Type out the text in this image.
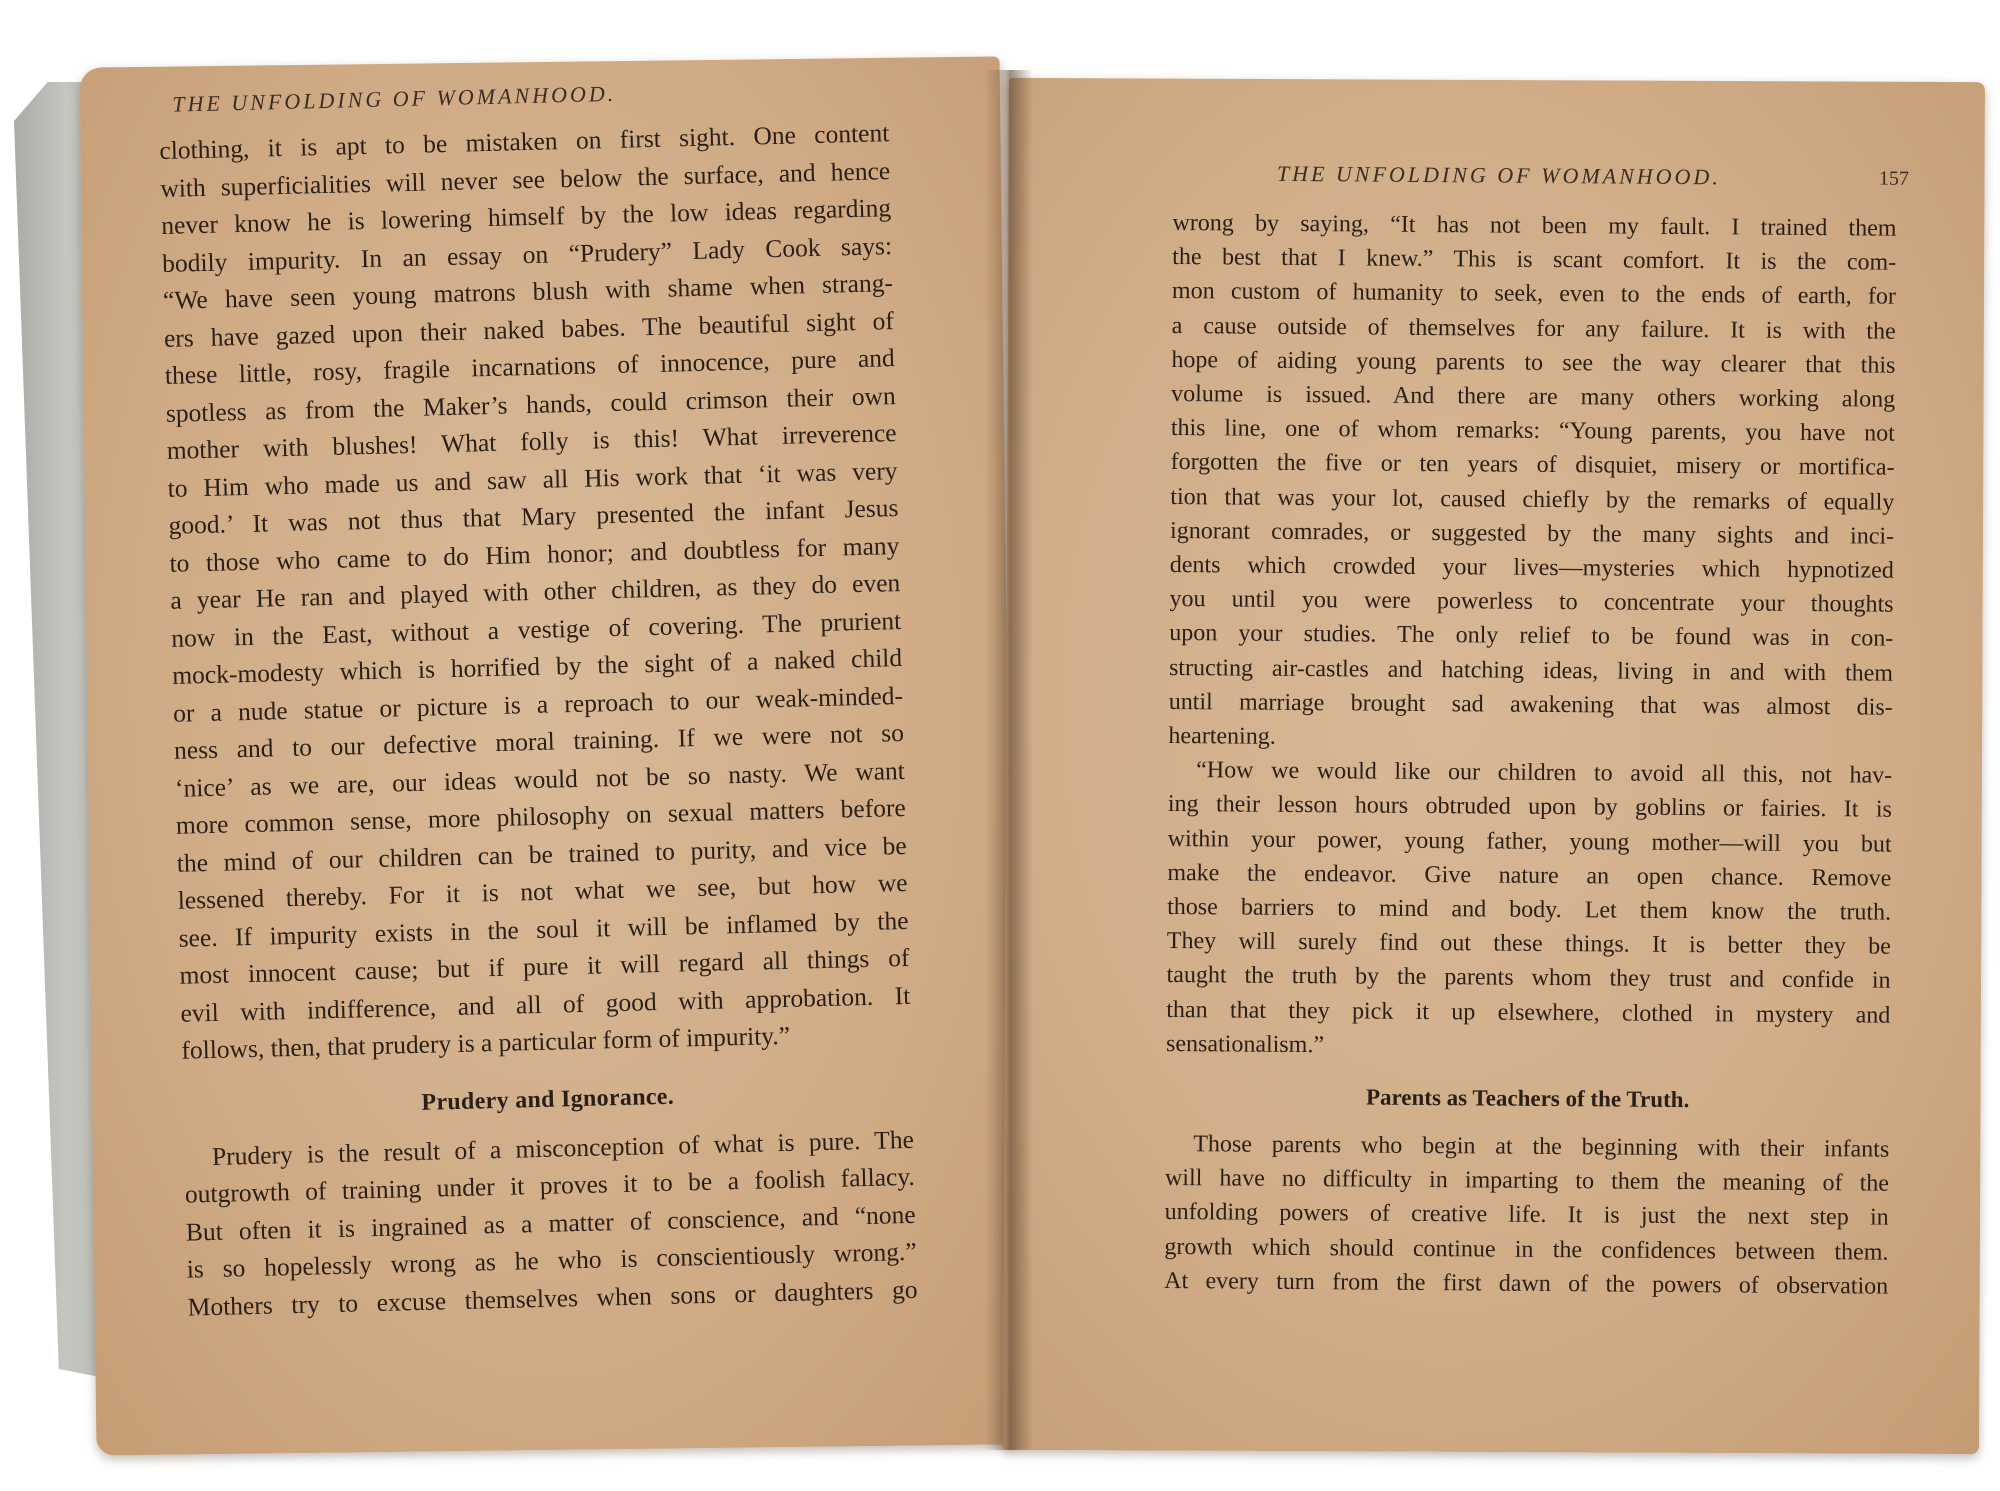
THE UNFOLDING OF WOMANHOOD.
clothing, it is apt to be mistaken on first sight. One content
with superficialities will never see below the surface, and hence
never know he is lowering himself by the low ideas regarding
bodily impurity. In an essay on “Prudery” Lady Cook says:
“We have seen young matrons blush with shame when strang-
ers have gazed upon their naked babes. The beautiful sight of
these little, rosy, fragile incarnations of innocence, pure and
spotless as from the Maker’s hands, could crimson their own
mother with blushes! What folly is this! What irreverence
to Him who made us and saw all His work that ‘it was very
good.’ It was not thus that Mary presented the infant Jesus
to those who came to do Him honor; and doubtless for many
a year He ran and played with other children, as they do even
now in the East, without a vestige of covering. The prurient
mock-modesty which is horrified by the sight of a naked child
or a nude statue or picture is a reproach to our weak-minded-
ness and to our defective moral training. If we were not so
‘nice’ as we are, our ideas would not be so nasty. We want
more common sense, more philosophy on sexual matters before
the mind of our children can be trained to purity, and vice be
lessened thereby. For it is not what we see, but how we
see. If impurity exists in the soul it will be inflamed by the
most innocent cause; but if pure it will regard all things of
evil with indifference, and all of good with approbation. It
follows, then, that prudery is a particular form of impurity.”
Prudery and Ignorance.
Prudery is the result of a misconception of what is pure. The
outgrowth of training under it proves it to be a foolish fallacy.
But often it is ingrained as a matter of conscience, and “none
is so hopelessly wrong as he who is conscientiously wrong.”
Mothers try to excuse themselves when sons or daughters go
THE UNFOLDING OF WOMANHOOD.	157
wrong by saying, “It has not been my fault. I trained them
the best that I knew.” This is scant comfort. It is the com-
mon custom of humanity to seek, even to the ends of earth, for
a cause outside of themselves for any failure. It is with the
hope of aiding young parents to see the way clearer that this
volume is issued. And there are many others working along
this line, one of whom remarks: “Young parents, you have not
forgotten the five or ten years of disquiet, misery or mortifica-
tion that was your lot, caused chiefly by the remarks of equally
ignorant comrades, or suggested by the many sights and inci-
dents which crowded your lives—mysteries which hypnotized
you until you were powerless to concentrate your thoughts
upon your studies. The only relief to be found was in con-
structing air-castles and hatching ideas, living in and with them
until marriage brought sad awakening that was almost dis-
heartening.
“How we would like our children to avoid all this, not hav-
ing their lesson hours obtruded upon by goblins or fairies. It is
within your power, young father, young mother—will you but
make the endeavor. Give nature an open chance. Remove
those barriers to mind and body. Let them know the truth.
They will surely find out these things. It is better they be
taught the truth by the parents whom they trust and confide in
than that they pick it up elsewhere, clothed in mystery and
sensationalism.”
Parents as Teachers of the Truth.
Those parents who begin at the beginning with their infants
will have no difficulty in imparting to them the meaning of the
unfolding powers of creative life. It is just the next step in
growth which should continue in the confidences between them.
At every turn from the first dawn of the powers of observation
